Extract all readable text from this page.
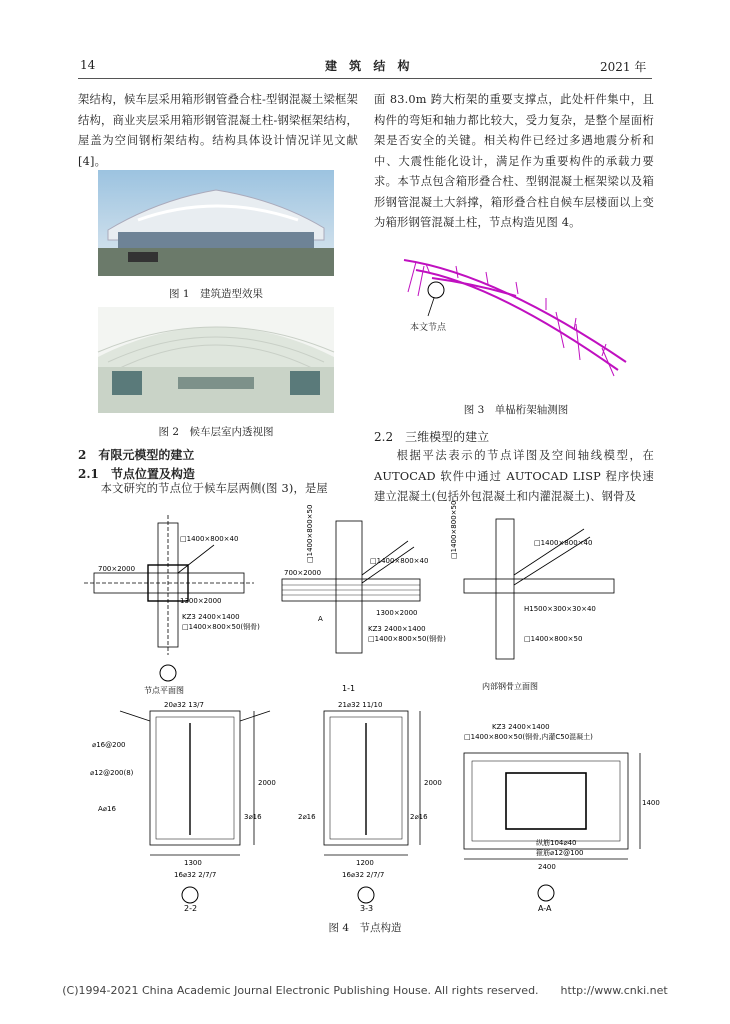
14	建 筑 结 构	2021 年
架结构，候车层采用箱形钢管叠合柱-型钢混凝土梁框架结构，商业夹层采用箱形钢管混凝土柱-钢梁框架结构，屋盖为空间钢桁架结构。结构具体设计情况详见文献[4]。
图 1　建筑造型效果
图 2　候车层室内透视图
2　有限元模型的建立
2.1　节点位置及构造
本文研究的节点位于候车层两侧(图 3)，是屋
面 83.0m 跨大桁架的重要支撑点，此处杆件集中，且构件的弯矩和轴力都比较大，受力复杂，是整个屋面桁架是否安全的关键。相关构件已经过多遇地震分析和中、大震性能化设计，满足作为重要构件的承载力要求。本节点包含箱形叠合柱、型钢混凝土框架梁以及箱形钢管混凝土大斜撑，箱形叠合柱自候车层楼面以上变为箱形钢管混凝土柱，节点构造见图 4。
本文节点
图 3　单榀桁架轴测图
2.2　三维模型的建立
根据平法表示的节点详图及空间轴线模型，在 AUTOCAD 软件中通过 AUTOCAD LISP 程序快速建立混凝土(包括外包混凝土和内灌混凝土)、钢骨及
700×2000
□1400×800×40
KZ3 2400×1400
□1400×800×50(钢骨)
1300×2000
节点平面图
700×2000
□1400×800×50	□1400×800×40
1300×2000
KZ3 2400×1400
□1400×800×50(钢骨)
A
1-1
□1400×800×50	□1400×800×40
H1500×300×30×40
□1400×800×50
内部钢骨立面图
20⌀32 13/7
⌀16@200
⌀12@200(8)
A⌀16
3⌀16
1300
2000
16⌀32 2/7/7
2-2
21⌀32 11/10
2⌀16	2⌀16
1200
2000
16⌀32 2/7/7
3-3
KZ3 2400×1400
□1400×800×50(钢骨,内灌C50混凝土)
纵筋104⌀40
箍筋⌀12@100
2400
1400
A-A
图 4　节点构造
(C)1994-2021 China Academic Journal Electronic Publishing House. All rights reserved.　　http://www.cnki.net
